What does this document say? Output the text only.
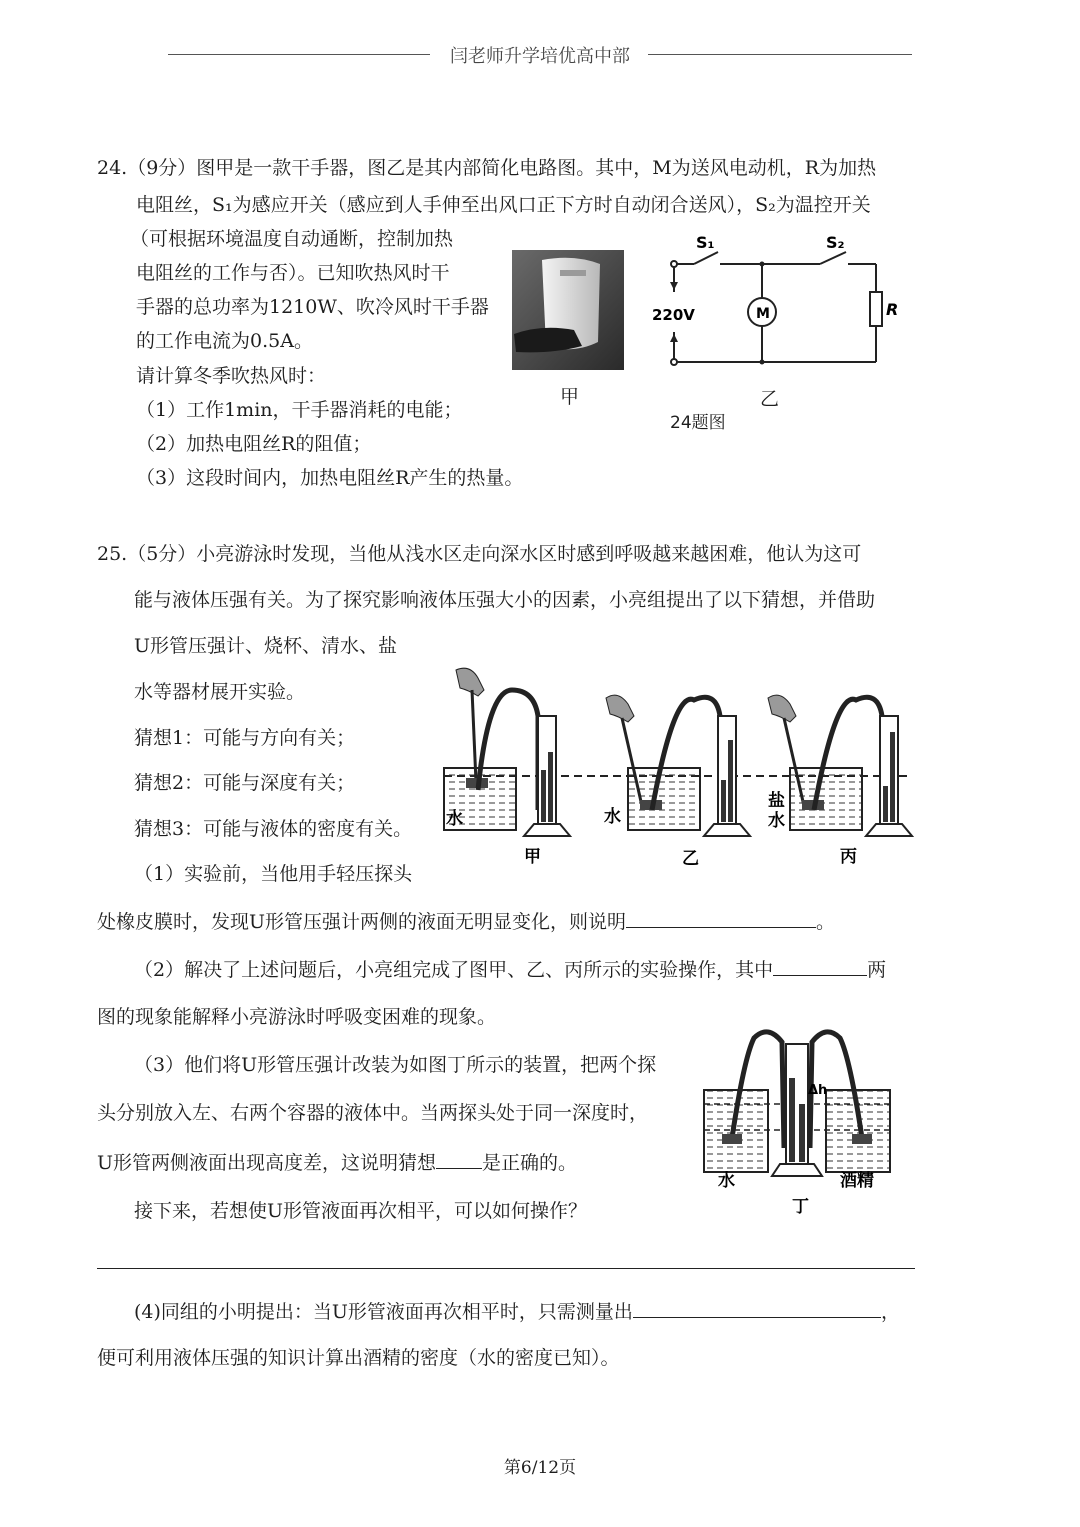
闫老师升学培优高中部
24.（9分）图甲是一款干手器，图乙是其内部简化电路图。其中，M为送风电动机，R为加热
电阻丝，S₁为感应开关（感应到人手伸至出风口正下方时自动闭合送风），S₂为温控开关
（可根据环境温度自动通断，控制加热
电阻丝的工作与否）。已知吹热风时干
手器的总功率为1210W、吹冷风时干手器
的工作电流为0.5A。
请计算冬季吹热风时：
（1）工作1min，干手器消耗的电能；
（2）加热电阻丝R的阻值；
（3）这段时间内，加热电阻丝R产生的热量。
甲
S₁	S₂
220V	M	R
乙
24题图
25.（5分）小亮游泳时发现，当他从浅水区走向深水区时感到呼吸越来越困难，他认为这可
能与液体压强有关。为了探究影响液体压强大小的因素，小亮组提出了以下猜想，并借助
U形管压强计、烧杯、清水、盐
水等器材展开实验。
猜想1：可能与方向有关；
猜想2：可能与深度有关；
猜想3：可能与液体的密度有关。
（1）实验前，当他用手轻压探头
处橡皮膜时，发现U形管压强计两侧的液面无明显变化，则说明	。
（2）解决了上述问题后，小亮组完成了图甲、乙、丙所示的实验操作，其中	两
图的现象能解释小亮游泳时呼吸变困难的现象。
（3）他们将U形管压强计改装为如图丁所示的装置，把两个探
头分别放入左、右两个容器的液体中。当两探头处于同一深度时，
U形管两侧液面出现高度差，这说明猜想 是正确的。
接下来，若想使U形管液面再次相平，可以如何操作？
(4)同组的小明提出：当U形管液面再次相平时，只需测量出	，
便可利用液体压强的知识计算出酒精的密度（水的密度已知）。
水	水
盐
水
甲	乙	丙
Δh
水	酒精
丁
第6/12页
